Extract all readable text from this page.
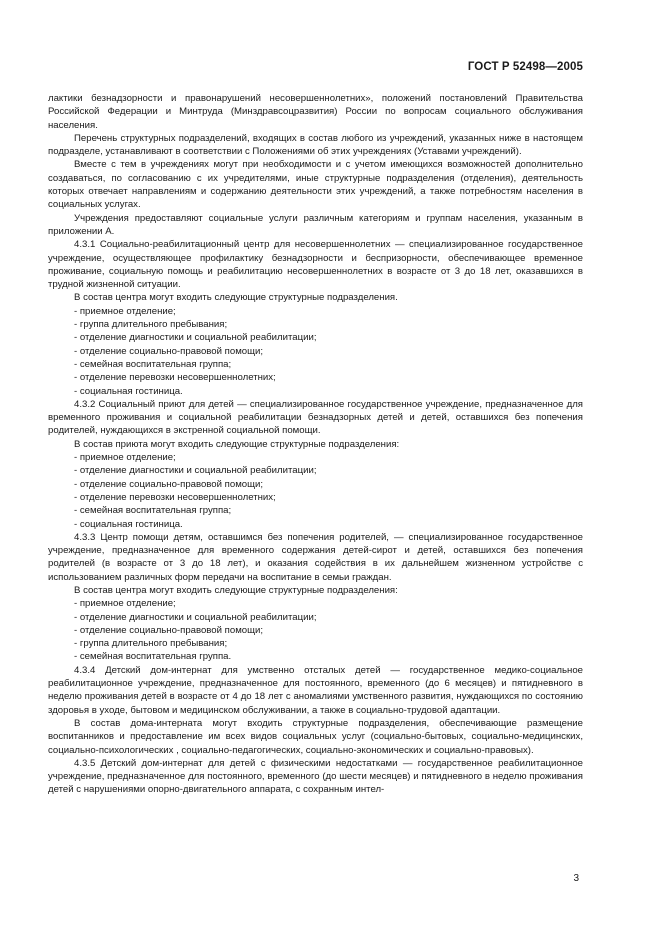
ГОСТ Р 52498—2005

лактики безнадзорности и правонарушений несовершеннолетних», положений постановлений Правительства Российской Федерации и Минтруда (Минздравсоцразвития) России по вопросам социального обслуживания населения.

Перечень структурных подразделений, входящих в состав любого из учреждений, указанных ниже в настоящем подразделе, устанавливают в соответствии с Положениями об этих учреждениях (Уставами учреждений).

Вместе с тем в учреждениях могут при необходимости и с учетом имеющихся возможностей дополнительно создаваться, по согласованию с их учредителями, иные структурные подразделения (отделения), деятельность которых отвечает направлениям и содержанию деятельности этих учреждений, а также потребностям населения в социальных услугах.

Учреждения предоставляют социальные услуги различным категориям и группам населения, указанным в приложении А.

4.3.1 Социально-реабилитационный центр для несовершеннолетних — специализированное государственное учреждение, осуществляющее профилактику безнадзорности и беспризорности, обеспечивающее временное проживание, социальную помощь и реабилитацию несовершеннолетних в возрасте от 3 до 18 лет, оказавшихся в трудной жизненной ситуации.

В состав центра могут входить следующие структурные подразделения.

- приемное отделение;

- группа длительного пребывания;

- отделение диагностики и социальной реабилитации;

- отделение социально-правовой помощи;

- семейная воспитательная группа;

- отделение перевозки несовершеннолетних;

- социальная гостиница.

4.3.2 Социальный приют для детей — специализированное государственное учреждение, предназначенное для временного проживания и социальной реабилитации безнадзорных детей и детей, оставшихся без попечения родителей, нуждающихся в экстренной социальной помощи.

В состав приюта могут входить следующие структурные подразделения:

- приемное отделение;

- отделение диагностики и социальной реабилитации;

- отделение социально-правовой помощи;

- отделение перевозки несовершеннолетних;

- семейная воспитательная группа;

- социальная гостиница.

4.3.3 Центр помощи детям, оставшимся без попечения родителей, — специализированное государственное учреждение, предназначенное для временного содержания детей-сирот и детей, оставшихся без попечения родителей (в возрасте от 3 до 18 лет), и оказания содействия в их дальнейшем жизненном устройстве с использованием различных форм передачи на воспитание в семьи граждан.

В состав центра могут входить следующие структурные подразделения:

- приемное отделение;

- отделение диагностики и социальной реабилитации;

- отделение социально-правовой помощи;

- группа длительного пребывания;

- семейная воспитательная группа.

4.3.4 Детский дом-интернат для умственно отсталых детей — государственное медико-социальное реабилитационное учреждение, предназначенное для постоянного, временного (до 6 месяцев) и пятидневного в неделю проживания детей в возрасте от 4 до 18 лет с аномалиями умственного развития, нуждающихся по состоянию здоровья в уходе, бытовом и медицинском обслуживании, а также в социально-трудовой адаптации.

В состав дома-интерната могут входить структурные подразделения, обеспечивающие размещение воспитанников и предоставление им всех видов социальных услуг (социально-бытовых, социально-медицинских, социально-психологических , социально-педагогических, социально-экономических и социально-правовых).

4.3.5 Детский дом-интернат для детей с физическими недостатками — государственное реабилитационное учреждение, предназначенное для постоянного, временного (до шести месяцев) и пятидневного в неделю проживания детей с нарушениями опорно-двигательного аппарата, с сохранным интел-

3
